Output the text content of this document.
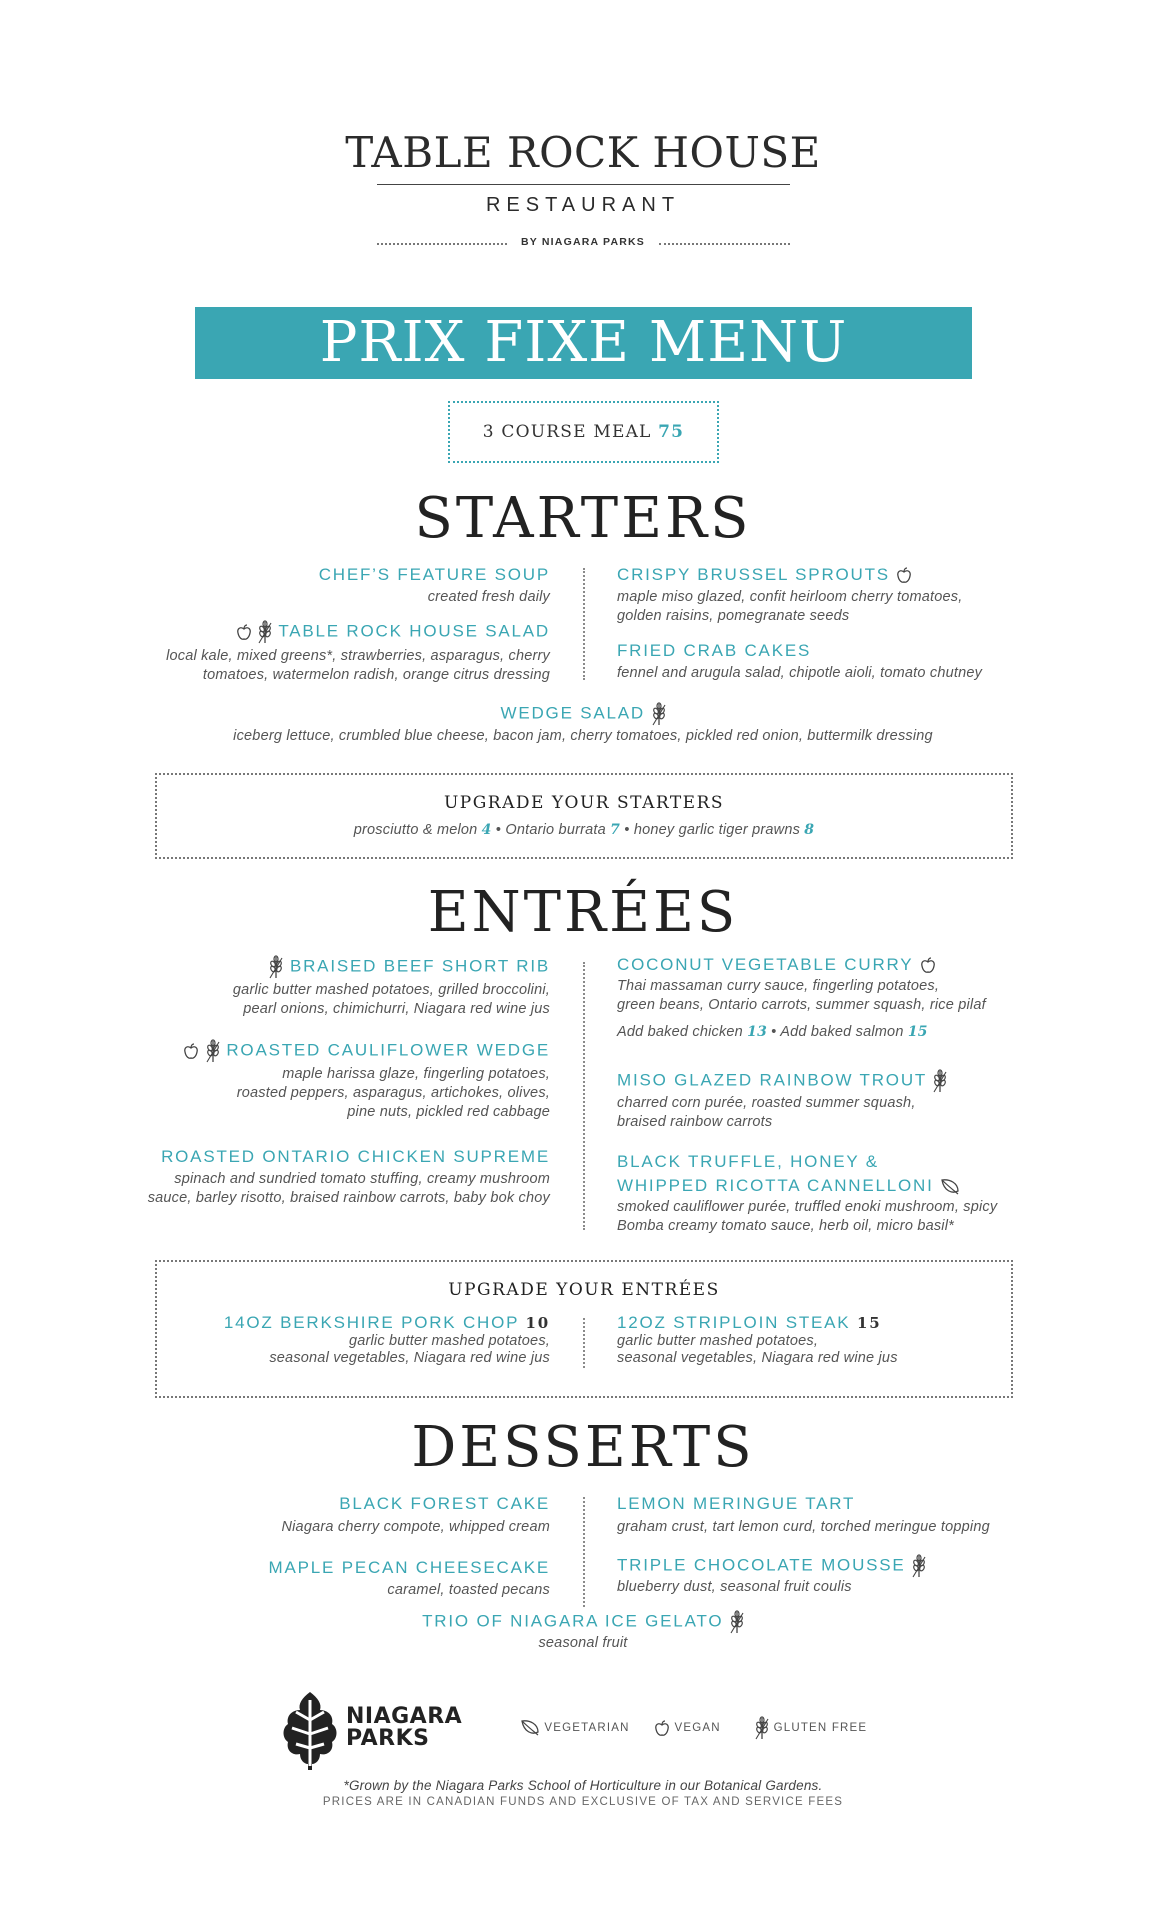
TABLE ROCK HOUSE
RESTAURANT
BY NIAGARA PARKS
PRIX FIXE MENU
3 COURSE MEAL 75
STARTERS
CHEF’S FEATURE SOUP
created fresh daily

TABLE ROCK HOUSE SALAD
local kale, mixed greens*, strawberries, asparagus, cherry
tomatoes, watermelon radish, orange citrus dressing
CRISPY BRUSSEL SPROUTS
maple miso glazed, confit heirloom cherry tomatoes,
golden raisins, pomegranate seeds
FRIED CRAB CAKES
fennel and arugula salad, chipotle aioli, tomato chutney
WEDGE SALAD
iceberg lettuce, crumbled blue cheese, bacon jam, cherry tomatoes, pickled red onion, buttermilk dressing
UPGRADE YOUR STARTERS
prosciutto & melon 4 • Ontario burrata 7 • honey garlic tiger prawns 8
ENTRÉES
BRAISED BEEF SHORT RIB
garlic butter mashed potatoes, grilled broccolini,
pearl onions, chimichurri, Niagara red wine jus

ROASTED CAULIFLOWER WEDGE
maple harissa glaze, fingerling potatoes,
roasted peppers, asparagus, artichokes, olives,
pine nuts, pickled red cabbage
ROASTED ONTARIO CHICKEN SUPREME
spinach and sundried tomato stuffing, creamy mushroom
sauce, barley risotto, braised rainbow carrots, baby bok choy
COCONUT VEGETABLE CURRY
Thai massaman curry sauce, fingerling potatoes,
green beans, Ontario carrots, summer squash, rice pilaf
Add baked chicken 13 • Add baked salmon 15
MISO GLAZED RAINBOW TROUT
charred corn purée, roasted summer squash,
braised rainbow carrots
BLACK TRUFFLE, HONEY &
WHIPPED RICOTTA CANNELLONI
smoked cauliflower purée, truffled enoki mushroom, spicy
Bomba creamy tomato sauce, herb oil, micro basil*
UPGRADE YOUR ENTRÉES
14OZ BERKSHIRE PORK CHOP 10
garlic butter mashed potatoes,
seasonal vegetables, Niagara red wine jus
12OZ STRIPLOIN STEAK 15
garlic butter mashed potatoes,
seasonal vegetables, Niagara red wine jus
DESSERTS
BLACK FOREST CAKE
Niagara cherry compote, whipped cream
MAPLE PECAN CHEESECAKE
caramel, toasted pecans
LEMON MERINGUE TART
graham crust, tart lemon curd, torched meringue topping
TRIPLE CHOCOLATE MOUSSE
blueberry dust, seasonal fruit coulis
TRIO OF NIAGARA ICE GELATO
seasonal fruit
NIAGARA
PARKS	VEGETARIAN	VEGAN	GLUTEN FREE
*Grown by the Niagara Parks School of Horticulture in our Botanical Gardens.
PRICES ARE IN CANADIAN FUNDS AND EXCLUSIVE OF TAX AND SERVICE FEES
